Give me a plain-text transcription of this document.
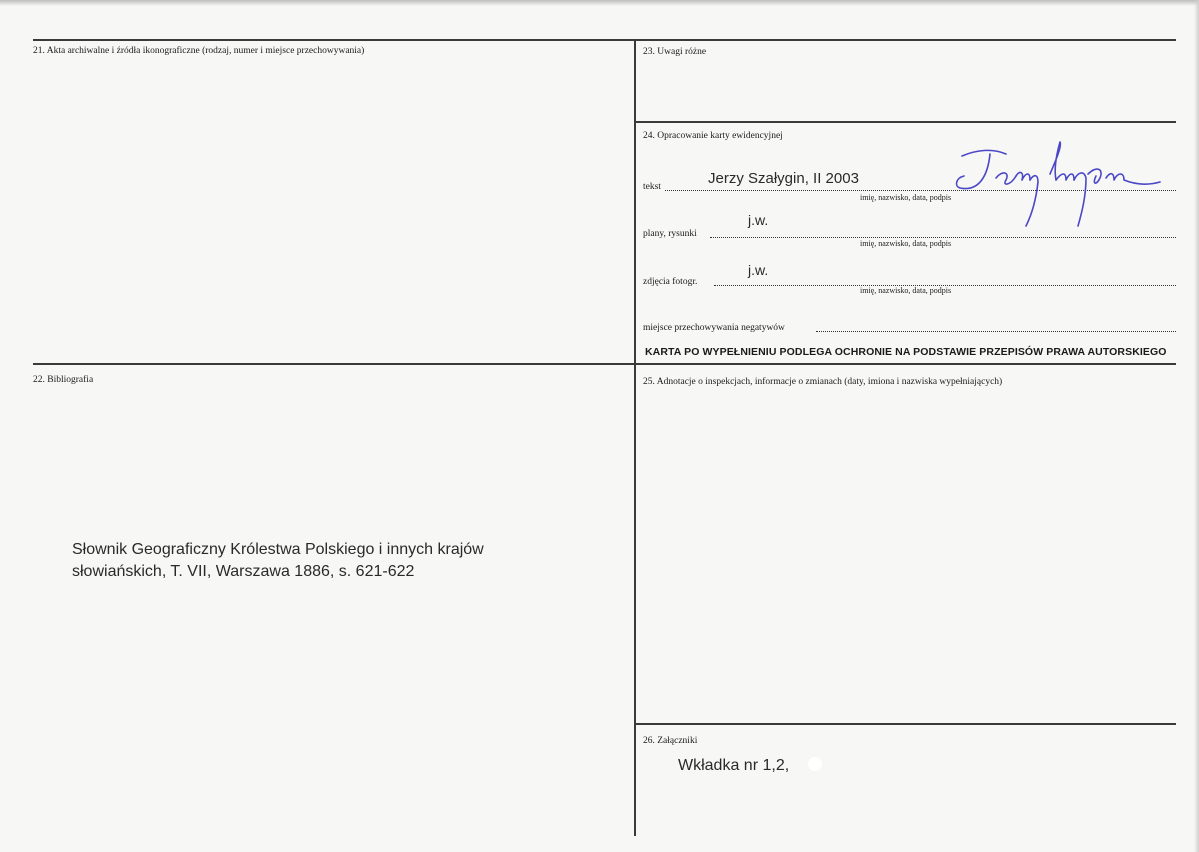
21. Akta archiwalne i źródła ikonograficzne (rodzaj, numer i miejsce przechowywania)	23. Uwagi różne
24. Opracowanie karty ewidencyjnej
tekst	Jerzy Szałygin, II 2003
imię, nazwisko, data, podpis
plany, rysunki
j.w.
imię, nazwisko, data, podpis
zdjęcia fotogr.
j.w.
imię, nazwisko, data, podpis
miejsce przechowywania negatywów
KARTA PO WYPEŁNIENIU PODLEGA OCHRONIE NA PODSTAWIE PRZEPISÓW PRAWA AUTORSKIEGO
22. Bibliografia
Słownik Geograficzny Królestwa Polskiego i innych krajów
słowiańskich, T. VII, Warszawa 1886, s. 621-622
25. Adnotacje o inspekcjach, informacje o zmianach (daty, imiona i nazwiska wypełniających)
26. Załączniki
Wkładka nr 1,2,
